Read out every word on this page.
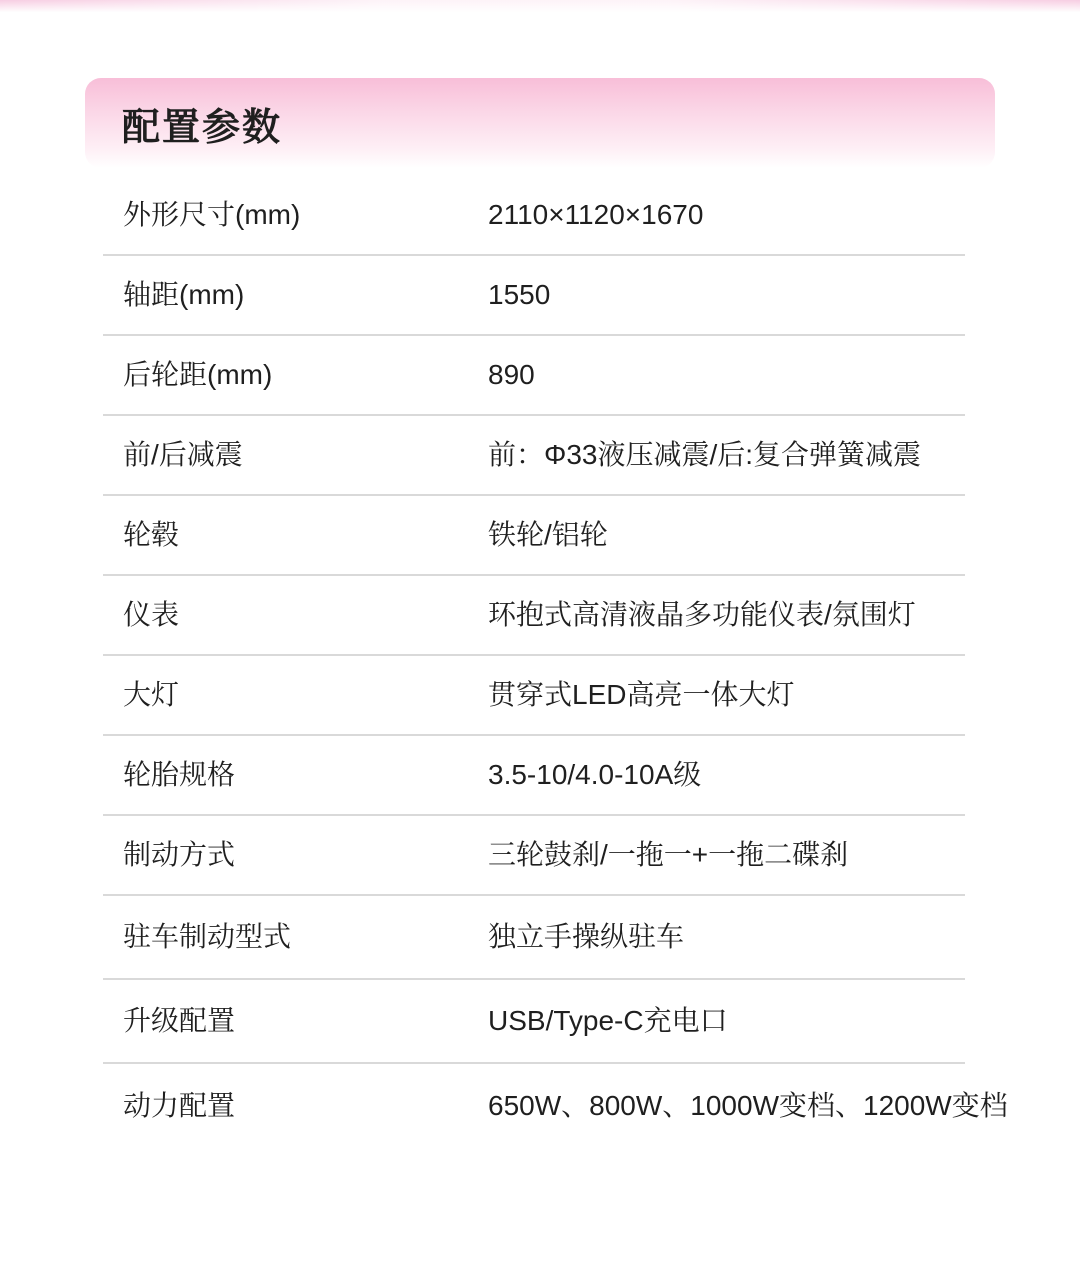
配置参数
外形尺寸(mm)	2110×1120×1670
轴距(mm)	1550
后轮距(mm)	890
前/后减震	前：Φ33液压减震/后:复合弹簧减震
轮毂	铁轮/铝轮
仪表	环抱式高清液晶多功能仪表/氛围灯
大灯	贯穿式LED高亮一体大灯
轮胎规格	3.5-10/4.0-10A级
制动方式	三轮鼓刹/一拖一+一拖二碟刹
驻车制动型式	独立手操纵驻车
升级配置	USB/Type-C充电口
动力配置	650W、800W、1000W变档、1200W变档
